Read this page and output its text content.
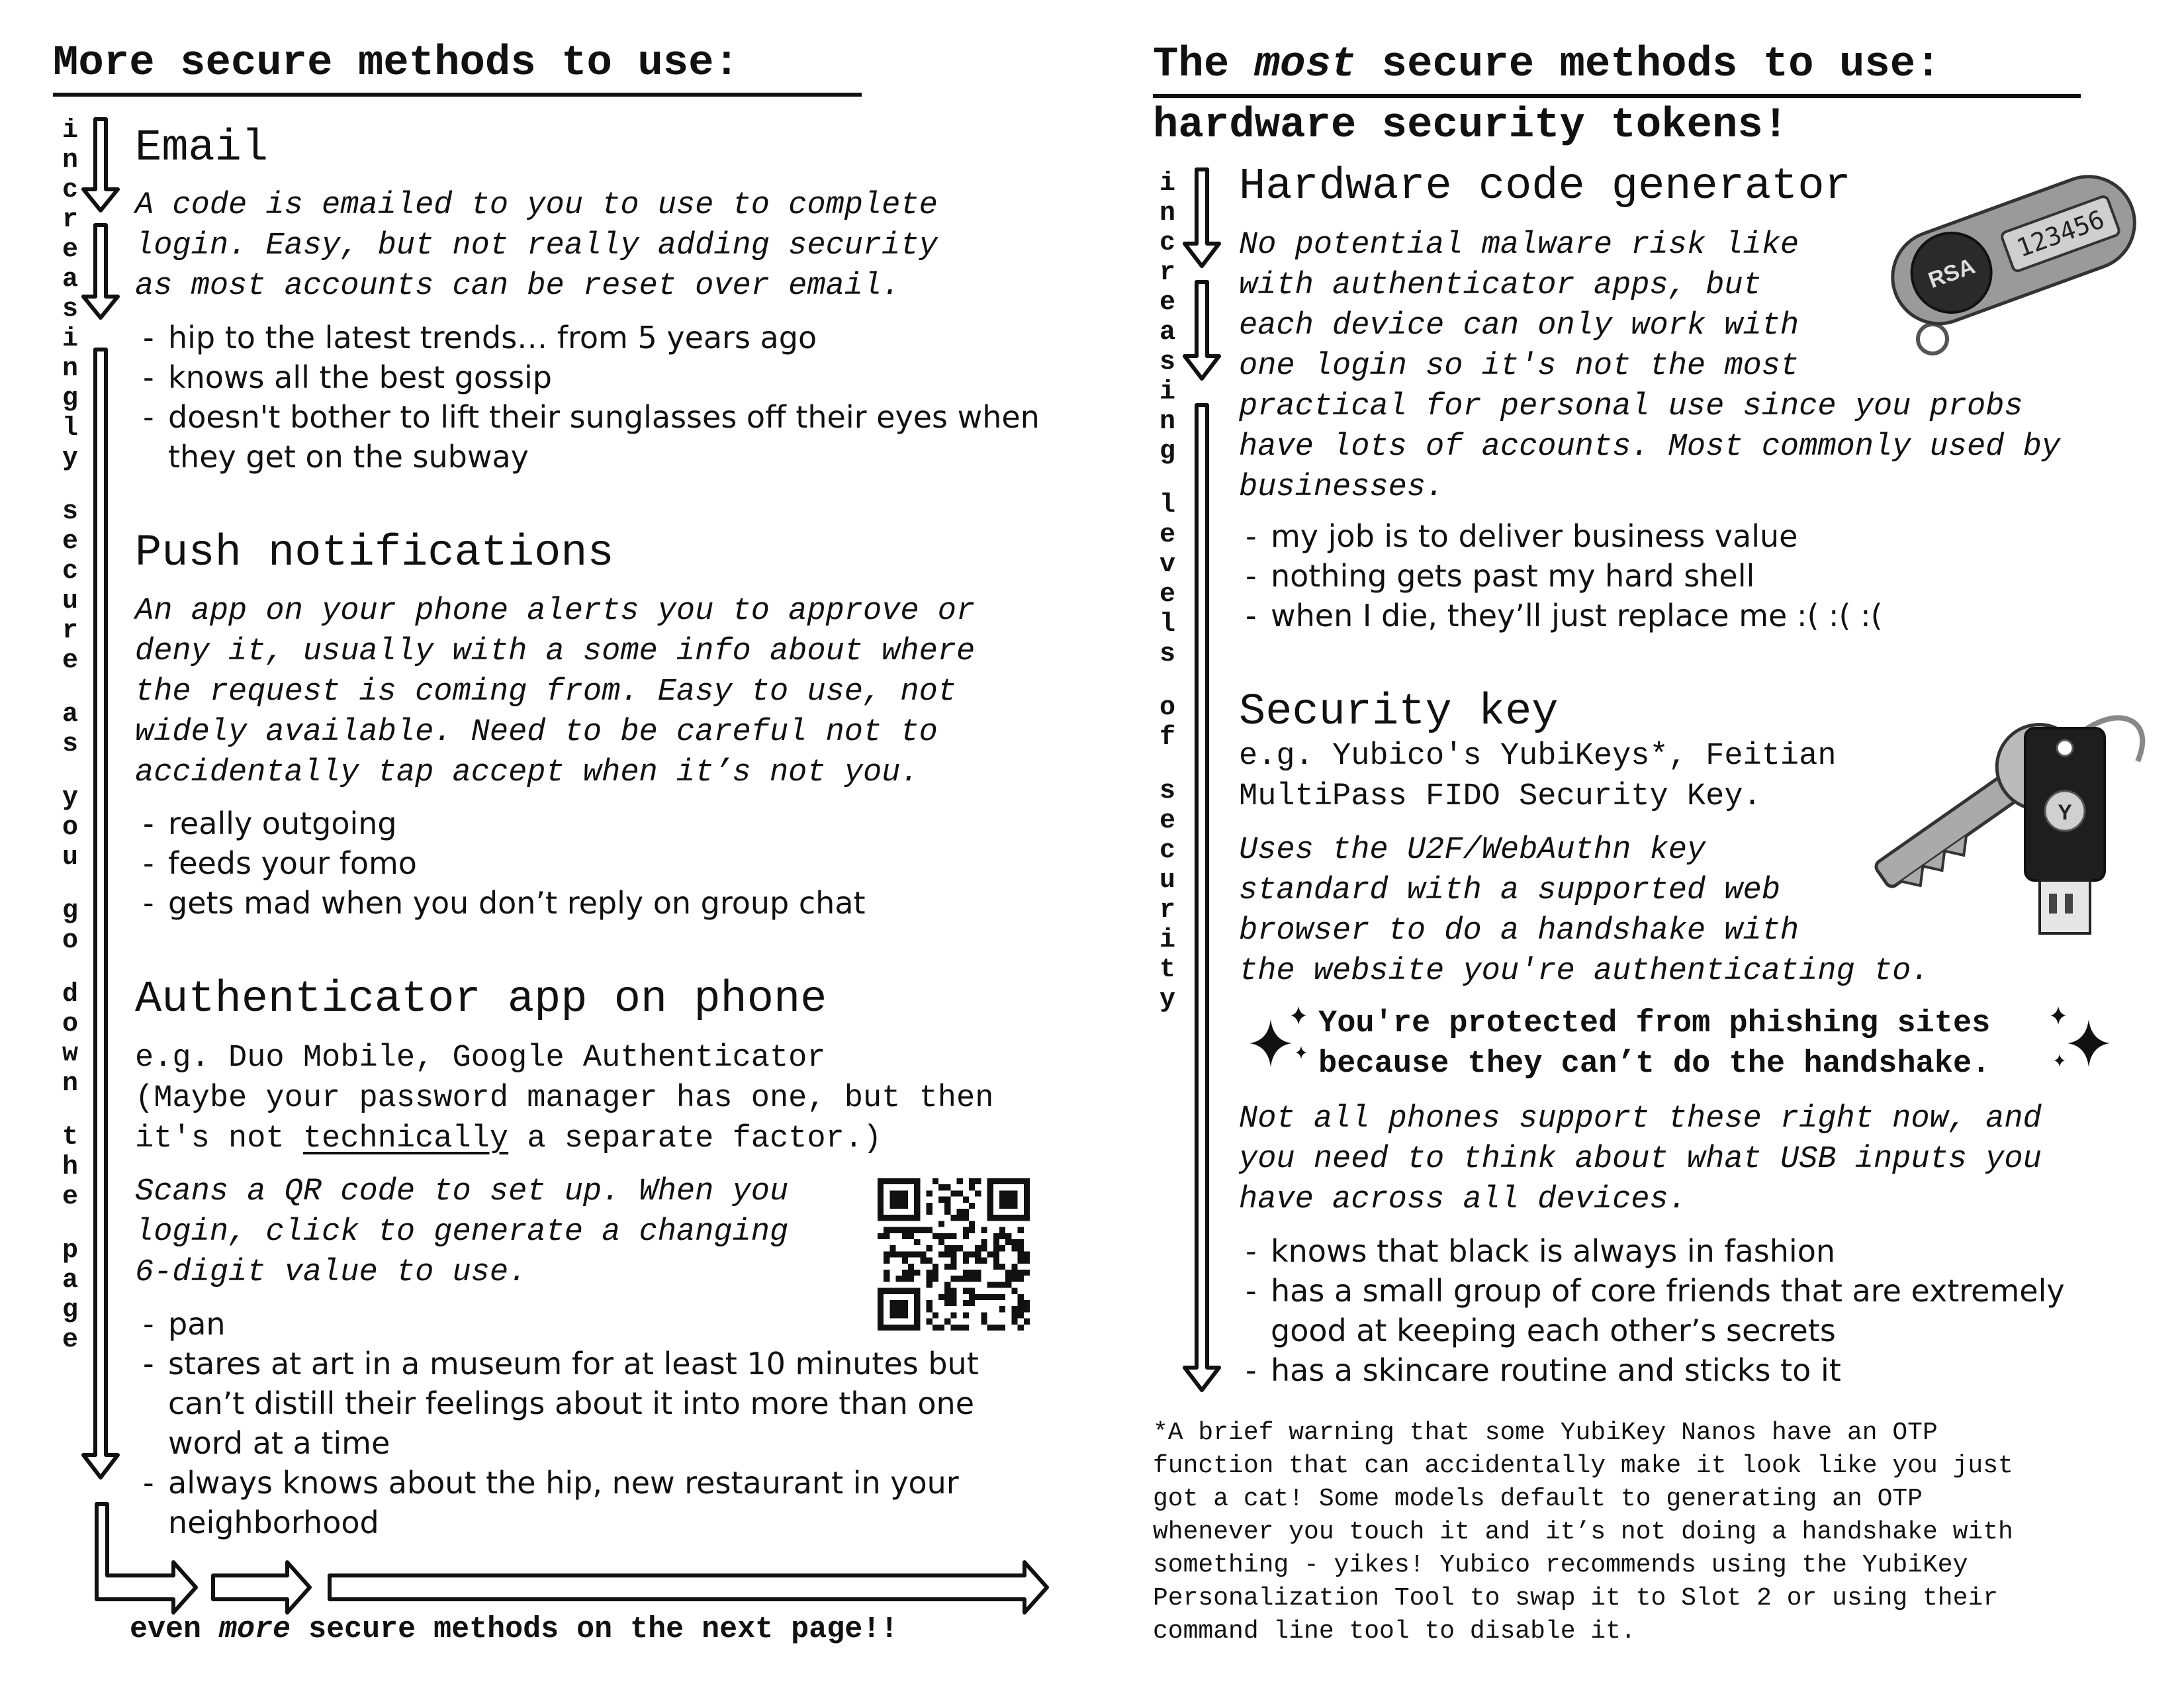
More secure methods to use:
i
n
c
r
e
a
s
i
n
g
l
y

s
e
c
u
r
e

a
s

y
o
u

g
o

d
o
w
n

t
h
e

p
a
g
e
Email
A code is emailed to you to use to complete
login. Easy, but not really adding security
as most accounts can be reset over email.
- hip to the latest trends… from 5 years ago
- knows all the best gossip
- doesn't bother to lift their sunglasses off their eyes when they get on the subway
Push notifications
An app on your phone alerts you to approve or
deny it, usually with a some info about where
the request is coming from. Easy to use, not
widely available. Need to be careful not to
accidentally tap accept when it’s not you.
- really outgoing
- feeds your fomo
- gets mad when you don’t reply on group chat
Authenticator app on phone
e.g. Duo Mobile, Google Authenticator
(Maybe your password manager has one, but then
it's not technically a separate factor.)
Scans a QR code to set up. When you
login, click to generate a changing
6-digit value to use.
- pan
- stares at art in a museum for at least 10 minutes but can’t distill their feelings about it into more than one word at a time
- always knows about the hip, new restaurant in your neighborhood
even more secure methods on the next page!!
The most secure methods to use:
hardware security tokens!
i
n
c
r
e
a
s
i
n
g

l
e
v
e
l
s

o
f

s
e
c
u
r
i
t
y
Hardware code generator
No potential malware risk like
with authenticator apps, but
each device can only work with
one login so it's not the most
practical for personal use since you probs
have lots of accounts. Most commonly used by
businesses.
RSA
123456
- my job is to deliver business value
- nothing gets past my hard shell
- when I die, they’ll just replace me :( :( :(
Security key
e.g. Yubico's YubiKeys*, Feitian
MultiPass FIDO Security Key.
Uses the U2F/WebAuthn key
standard with a supported web
browser to do a handshake with
the website you're authenticating to.
Y
You're protected from phishing sites
because they can’t do the handshake.
Not all phones support these right now, and
you need to think about what USB inputs you
have across all devices.
- knows that black is always in fashion
- has a small group of core friends that are extremely good at keeping each other’s secrets
- has a skincare routine and sticks to it
*A brief warning that some YubiKey Nanos have an OTP
function that can accidentally make it look like you just
got a cat! Some models default to generating an OTP
whenever you touch it and it’s not doing a handshake with
something - yikes! Yubico recommends using the YubiKey
Personalization Tool to swap it to Slot 2 or using their
command line tool to disable it.
